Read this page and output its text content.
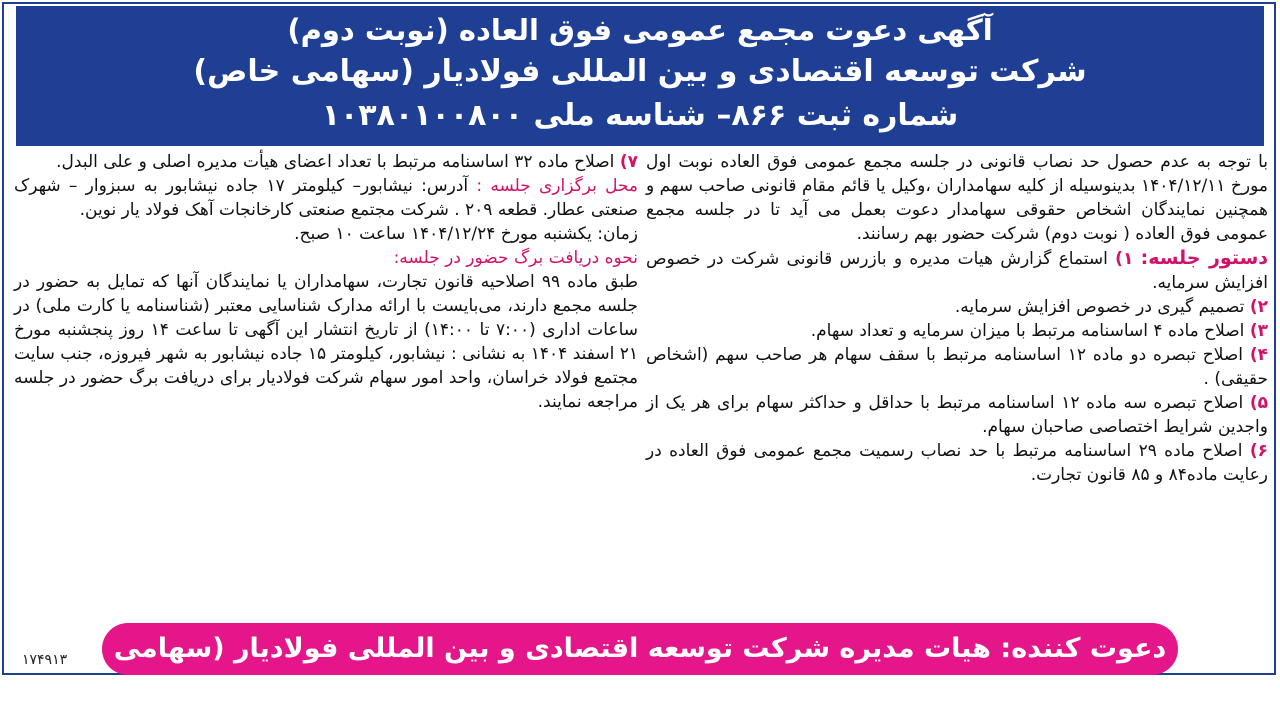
آگهی دعوت مجمع عمومی فوق العاده (نوبت دوم)
شرکت توسعه اقتصادی و بین المللی فولادیار (سهامی خاص)
شماره ثبت ۸۶۶– شناسه ملی ۱۰۳۸۰۱۰۰۸۰۰

با توجه به عدم حصول حد نصاب قانونی در جلسه مجمع عمومی فوق العاده نوبت اول مورخ ۱۴۰۴/۱۲/۱۱ بدینوسیله از کلیه سهامداران ،وکیل یا قائم مقام قانونی صاحب سهم و همچنین نمایندگان اشخاص حقوقی سهامدار دعوت بعمل می آید تا در جلسه مجمع عمومی فوق العاده ( نوبت دوم) شرکت حضور بهم رسانند.

دستور جلسه: ۱) استماع گزارش هیات مدیره و بازرس قانونی شرکت در خصوص افزایش سرمایه.

۲) تصمیم گیری در خصوص افزایش سرمایه.

۳) اصلاح ماده ۴ اساسنامه مرتبط با میزان سرمایه و تعداد سهام.

۴) اصلاح تبصره دو ماده ۱۲ اساسنامه مرتبط با سقف سهام هر صاحب سهم (اشخاص حقیقی) .

۵) اصلاح تبصره سه ماده ۱۲ اساسنامه مرتبط با حداقل و حداکثر سهام برای هر یک از واجدین شرایط اختصاصی صاحبان سهام.

۶) اصلاح ماده ۲۹ اساسنامه مرتبط با حد نصاب رسمیت مجمع عمومی فوق العاده در رعایت ماده۸۴ و ۸۵ قانون تجارت.

۷) اصلاح ماده ۳۲ اساسنامه مرتبط با تعداد اعضای هیأت مدیره اصلی و علی البدل.

محل برگزاری جلسه : آدرس: نیشابور– کیلومتر ۱۷ جاده نیشابور به سبزوار – شهرک صنعتی عطار. قطعه ۲۰۹ . شرکت مجتمع صنعتی کارخانجات آهک فولاد یار نوین.

زمان: یکشنبه مورخ ۱۴۰۴/۱۲/۲۴ ساعت ۱۰ صبح.

نحوه دریافت برگ حضور در جلسه:

طبق ماده ۹۹ اصلاحیه قانون تجارت، سهامداران یا نمایندگان آنها که تمایل به حضور در جلسه مجمع دارند، می‌بایست با ارائه مدارک شناسایی معتبر (شناسنامه یا کارت ملی) در ساعات اداری (۷:۰۰ تا ۱۴:۰۰) از تاریخ انتشار این آگهی تا ساعت ۱۴ روز پنجشنبه مورخ ۲۱ اسفند ۱۴۰۴ به نشانی : نیشابور، کیلومتر ۱۵ جاده نیشابور به شهر فیروزه، جنب سایت مجتمع فولاد خراسان، واحد امور سهام شرکت فولادیار برای دریافت برگ حضور در جلسه مراجعه نمایند.

دعوت کننده: هیات مدیره شرکت توسعه اقتصادی و بین المللی فولادیار (سهامی خاص)
۱۷۴۹۱۳
